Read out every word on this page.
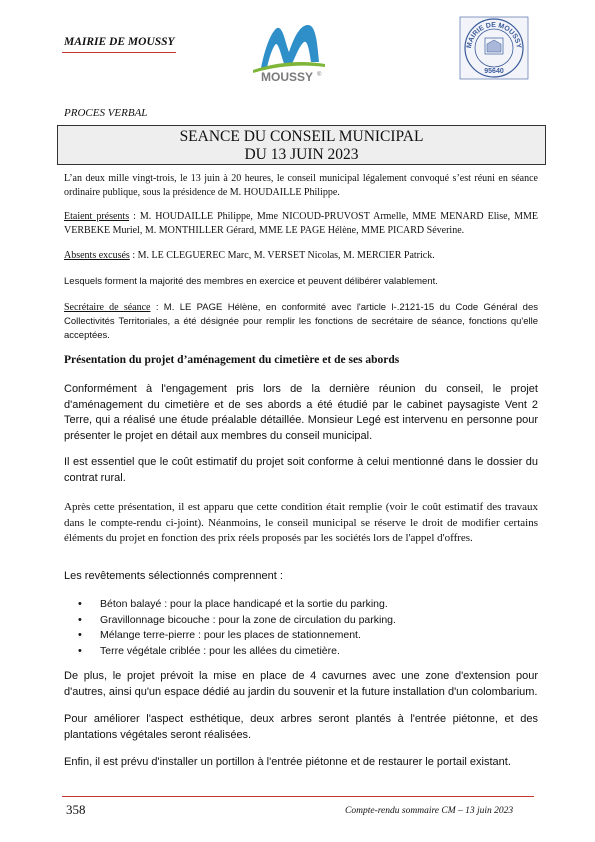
MAIRIE DE MOUSSY
MOUSSY ®
MAIRIE DE MOUSSY
95640
PROCES VERBAL
SEANCE DU CONSEIL MUNICIPAL
DU 13 JUIN 2023
L’an deux mille vingt-trois, le 13 juin à 20 heures, le conseil municipal légalement convoqué s’est réuni en séance ordinaire publique, sous la présidence de M. HOUDAILLE Philippe.
Etaient présents : M. HOUDAILLE Philippe, Mme NICOUD-PRUVOST Armelle, MME MENARD Elise, MME VERBEKE Muriel, M. MONTHILLER Gérard, MME LE PAGE Hélène, MME PICARD Séverine.
Absents excusés : M. LE CLEGUEREC Marc, M. VERSET Nicolas, M. MERCIER Patrick.
Lesquels forment la majorité des membres en exercice et peuvent délibérer valablement.
Secrétaire de séance : M. LE PAGE Hélène, en conformité avec l'article l-.2121-15 du Code Général des Collectivités Territoriales, a été désignée pour remplir les fonctions de secrétaire de séance, fonctions qu'elle acceptées.
Présentation du projet d’aménagement du cimetière et de ses abords
Conformément à l'engagement pris lors de la dernière réunion du conseil, le projet d'aménagement du cimetière et de ses abords a été étudié par le cabinet paysagiste Vent 2 Terre, qui a réalisé une étude préalable détaillée. Monsieur Legé est intervenu en personne pour présenter le projet en détail aux membres du conseil municipal.
Il est essentiel que le coût estimatif du projet soit conforme à celui mentionné dans le dossier du contrat rural.
Après cette présentation, il est apparu que cette condition était remplie (voir le coût estimatif des travaux dans le compte-rendu ci-joint). Néanmoins, le conseil municipal se réserve le droit de modifier certains éléments du projet en fonction des prix réels proposés par les sociétés lors de l'appel d'offres.
Les revêtements sélectionnés comprennent :
• Béton balayé : pour la place handicapé et la sortie du parking.
• Gravillonnage bicouche : pour la zone de circulation du parking.
• Mélange terre-pierre : pour les places de stationnement.
• Terre végétale criblée : pour les allées du cimetière.
De plus, le projet prévoit la mise en place de 4 cavurnes avec une zone d'extension pour d'autres, ainsi qu'un espace dédié au jardin du souvenir et la future installation d'un colombarium.
Pour améliorer l'aspect esthétique, deux arbres seront plantés à l'entrée piétonne, et des plantations végétales seront réalisées.
Enfin, il est prévu d'installer un portillon à l'entrée piétonne et de restaurer le portail existant.
358	Compte-rendu sommaire CM – 13 juin 2023
